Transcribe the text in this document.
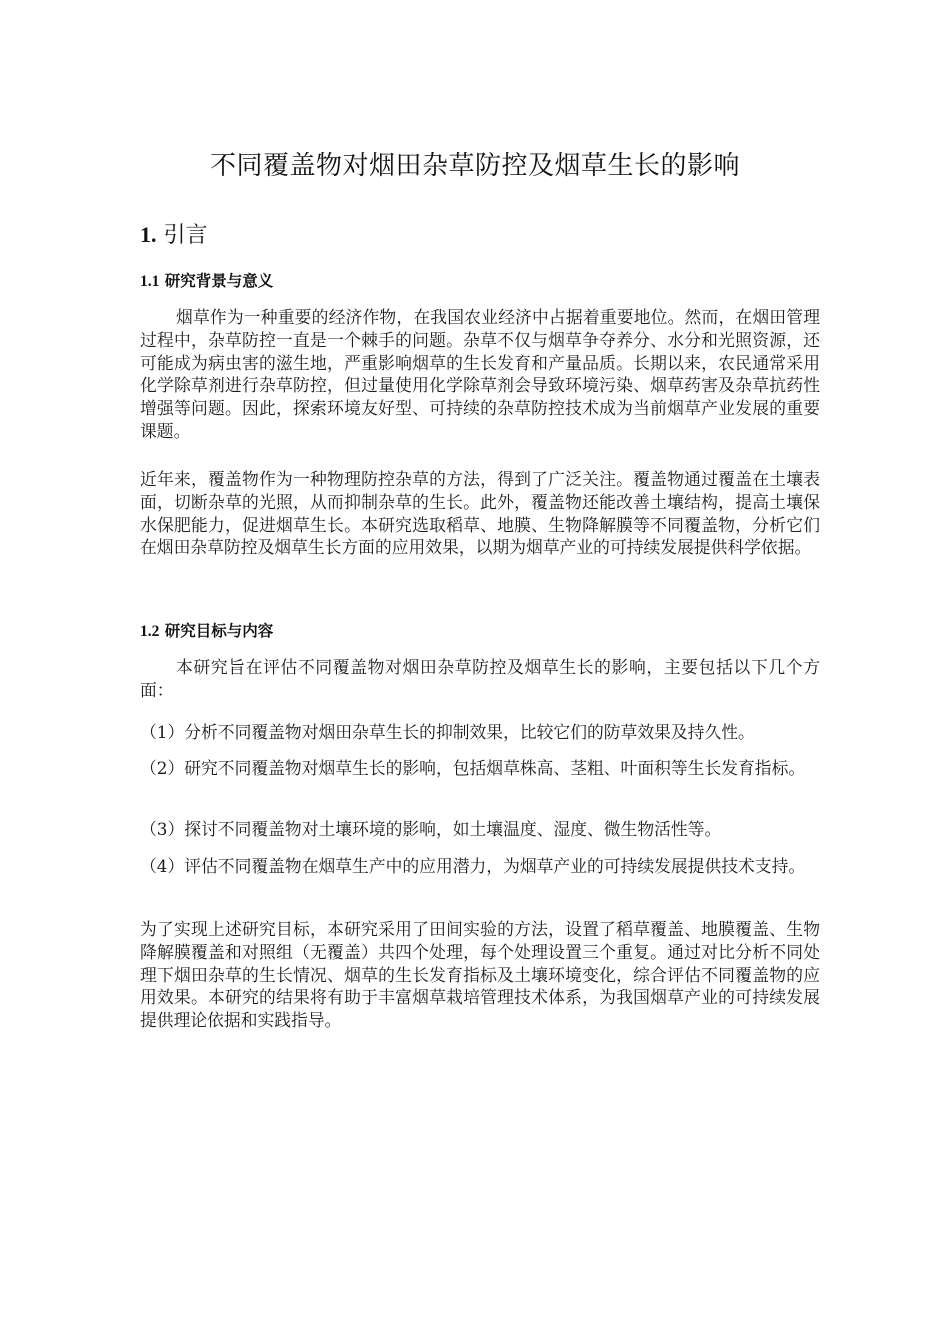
不同覆盖物对烟田杂草防控及烟草生长的影响
1. 引言
1.1 研究背景与意义

烟草作为一种重要的经济作物，在我国农业经济中占据着重要地位。然而，在烟田管理过程中，杂草防控一直是一个棘手的问题。杂草不仅与烟草争夺养分、水分和光照资源，还可能成为病虫害的滋生地，严重影响烟草的生长发育和产量品质。长期以来，农民通常采用化学除草剂进行杂草防控，但过量使用化学除草剂会导致环境污染、烟草药害及杂草抗药性增强等问题。因此，探索环境友好型、可持续的杂草防控技术成为当前烟草产业发展的重要课题。

近年来，覆盖物作为一种物理防控杂草的方法，得到了广泛关注。覆盖物通过覆盖在土壤表面，切断杂草的光照，从而抑制杂草的生长。此外，覆盖物还能改善土壤结构，提高土壤保水保肥能力，促进烟草生长。本研究选取稻草、地膜、生物降解膜等不同覆盖物，分析它们在烟田杂草防控及烟草生长方面的应用效果，以期为烟草产业的可持续发展提供科学依据。

1.2 研究目标与内容

本研究旨在评估不同覆盖物对烟田杂草防控及烟草生长的影响，主要包括以下几个方面：

（1）分析不同覆盖物对烟田杂草生长的抑制效果，比较它们的防草效果及持久性。

（2）研究不同覆盖物对烟草生长的影响，包括烟草株高、茎粗、叶面积等生长发育指标。

（3）探讨不同覆盖物对土壤环境的影响，如土壤温度、湿度、微生物活性等。

（4）评估不同覆盖物在烟草生产中的应用潜力，为烟草产业的可持续发展提供技术支持。

为了实现上述研究目标，本研究采用了田间实验的方法，设置了稻草覆盖、地膜覆盖、生物降解膜覆盖和对照组（无覆盖）共四个处理，每个处理设置三个重复。通过对比分析不同处理下烟田杂草的生长情况、烟草的生长发育指标及土壤环境变化，综合评估不同覆盖物的应用效果。本研究的结果将有助于丰富烟草栽培管理技术体系，为我国烟草产业的可持续发展提供理论依据和实践指导。
